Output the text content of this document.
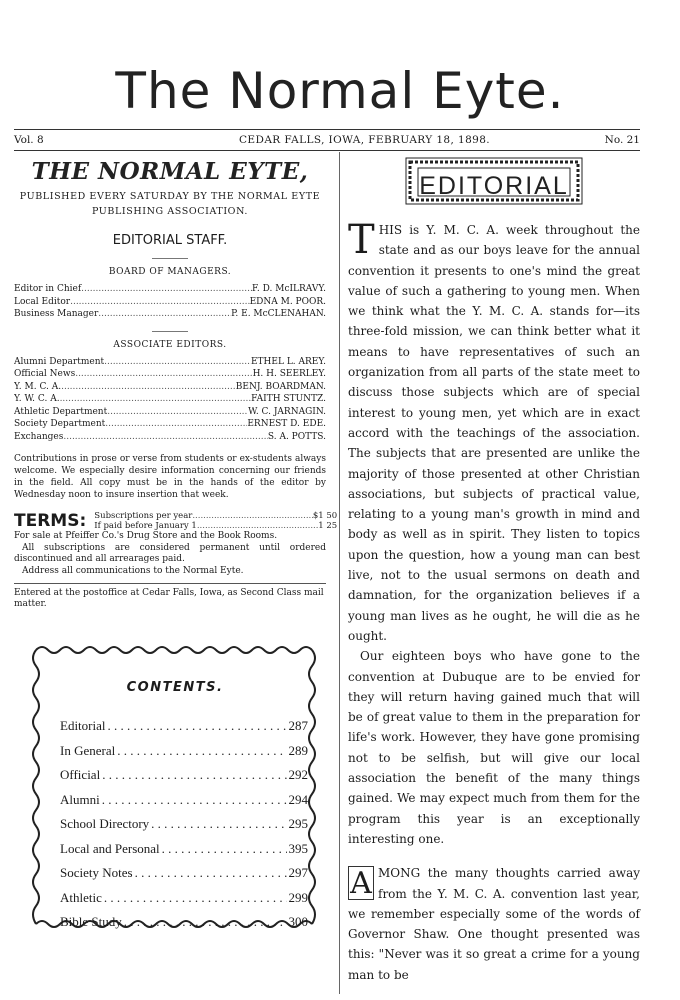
The Normal Eyte.
Vol. 8	CEDAR FALLS, IOWA, FEBRUARY 18, 1898.	No. 21
THE NORMAL EYTE,
PUBLISHED EVERY SATURDAY BY THE NORMAL EYTE PUBLISHING ASSOCIATION.
EDITORIAL STAFF.
BOARD OF MANAGERS.
Editor in Chief .....	F. D. McILRAVY.
Local Editor .....	EDNA M. POOR.
Business Manager .....	P. E. McCLENAHAN.
ASSOCIATE EDITORS.
Alumni Department .....	ETHEL L. AREY.
Official News .....	H. H. SEERLEY.
Y. M. C. A. .....	BENJ. BOARDMAN.
Y. W. C. A. .....	FAITH STUNTZ.
Athletic Department .....	W. C. JARNAGIN.
Society Department .....	ERNEST D. EDE.
Exchanges .....	S. A. POTTS.
Contributions in prose or verse from students or ex-students always welcome. We especially desire information concerning our friends in the field. All copy must be in the hands of the editor by Wednesday noon to insure insertion that week.
TERMS: Subscriptions per year .....	$1 50
If paid before January 1 .....	1 25
For sale at Pfeiffer Co.'s Drug Store and the Book Rooms.
All subscriptions are considered permanent until ordered discontinued and all arrearages paid.
Address all communications to the Normal Eyte.
Entered at the postoffice at Cedar Falls, Iowa, as Second Class mail matter.
CONTENTS.
Editorial . . .	287
In General . . .	289
Official . . .	292
Alumni . . .	294
School Directory . . .	295
Local and Personal . . .	395
Society Notes . . .	297
Athletic . . .	299
Bible Study . . .	300
EDITORIAL
THIS is Y. M. C. A. week throughout the state and as our boys leave for the annual convention it presents to one's mind the great value of such a gathering to young men. When we think what the Y. M. C. A. stands for—its three-fold mission, we can think better what it means to have representatives of such an organization from all parts of the state meet to discuss those subjects which are of special interest to young men, yet which are in exact accord with the teachings of the association. The subjects that are presented are unlike the majority of those presented at other Christian associations, but subjects of practical value, relating to a young man's growth in mind and body as well as in spirit. They listen to topics upon the question, how a young man can best live, not to the usual sermons on death and damnation, for the organization believes if a young man lives as he ought, he will die as he ought.
Our eighteen boys who have gone to the convention at Dubuque are to be envied for they will return having gained much that will be of great value to them in the preparation for life's work. However, they have gone promising not to be selfish, but will give our local association the benefit of the many things gained. We may expect much from them for the program this year is an exceptionally interesting one.
A MONG the many thoughts carried away from the Y. M. C. A. convention last year, we remember especially some of the words of Governor Shaw. One thought presented was this: "Never was it so great a crime for a young man to be
